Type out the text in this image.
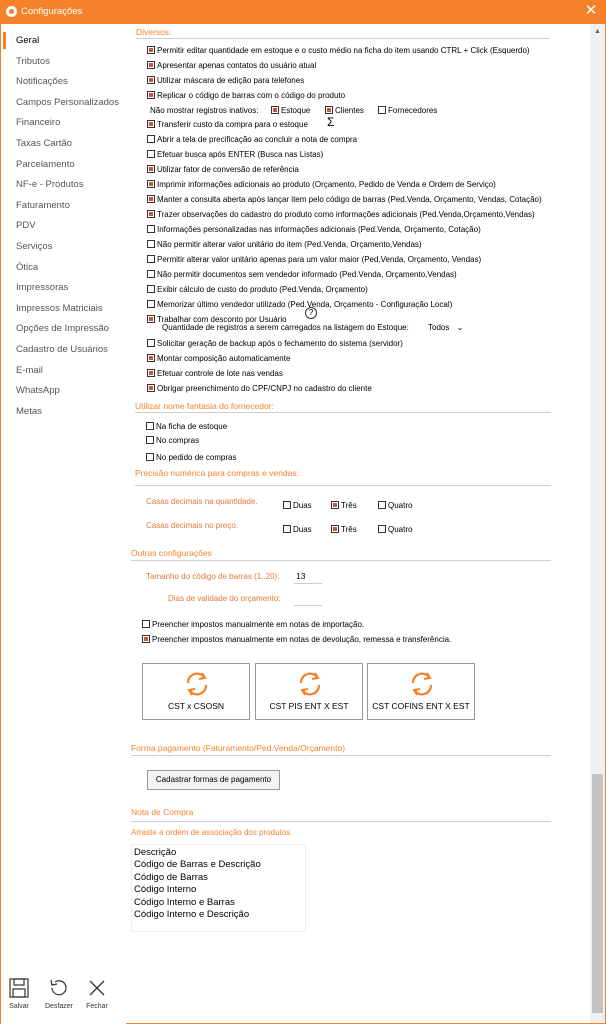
Configurações	✕
Geral
Tributos
Notificações
Campos Personalizados
Financeiro
Taxas Cartão
Parcelamento
NF-e - Produtos
Faturamento
PDV
Serviços
Ótica
Impressoras
Impressos Matriciais
Opções de Impressão
Cadastro de Usuários
E-mail
WhatsApp
Metas
▲
Diversos:
Permitir editar quantidade em estoque e o custo médio na ficha do item usando CTRL + Click (Esquerdo)
Apresentar apenas contatos do usuário atual
Utilizar máscara de edição para telefones
Replicar o código de barras com o código do produto
Não mostrar registros inativos:	Estoque	Clientes	Fornecedores
Transferir custo da compra para o estoque
Abrir a tela de precificação ao concluir a nota de compra
Efetuar busca após ENTER (Busca nas Listas)
Utilizar fator de conversão de referência
Imprimir informações adicionais ao produto (Orçamento, Pedido de Venda e Ordem de Serviço)
Manter a consulta aberta após lançar item pelo código de barras (Ped.Venda, Orçamento, Vendas, Cotação)
Trazer observações do cadastro do produto como informações adicionais (Ped.Venda,Orçamento,Vendas)
Informações personalizadas nas informações adicionais (Ped.Venda, Orçamento, Cotação)
Não permitir alterar valor unitário do item (Ped.Venda, Orçamento,Vendas)
Permitir alterar valor unitário apenas para um valor maior (Ped.Venda, Orçamento, Vendas)
Não permitir documentos sem vendedor informado (Ped.Venda, Orçamento,Vendas)
Exibir cálculo de custo do produto (Ped.Venda, Orçamento)
Memorizar último vendedor utilizado (Ped.Venda, Orçamento - Configuração Local)
Trabalhar com desconto por Usuário
Σ
?
Quantidade de registros a serem carregados na listagem do Estoque: Todos ⌄
Solicitar geração de backup após o fechamento do sistema (servidor)
Montar composição automaticamente
Efetuar controle de lote nas vendas
Obrigar preenchimento do CPF/CNPJ no cadastro do cliente
Utilizar nome fantasia do fornecedor:
Na ficha de estoque
No compras
No pedido de compras
Precisão numérica para compras e vendas:
Casas decimais na quantidade.	Duas	Três	Quatro
Casas decimais no preço.	Duas	Três	Quatro
Outras configurações
Tamanho do código de barras (1..20): 13
Dias de validade do orçamento:
Preencher impostos manualmente em notas de importação.
Preencher impostos manualmente em notas de devolução, remessa e transferência.
CST x CSOSN	CST PIS ENT X EST	CST COFINS ENT X EST
Forma pagamento (Faturamento/Ped.Venda/Orçamento)
Cadastrar formas de pagamento
Nota de Compra
Arraste a ordem de associação dos produtos
Descrição
Código de Barras e Descrição
Código de Barras
Código Interno
Código Interno e Barras
Código Interno e Descrição
Salvar	Desfazer	Fechar
